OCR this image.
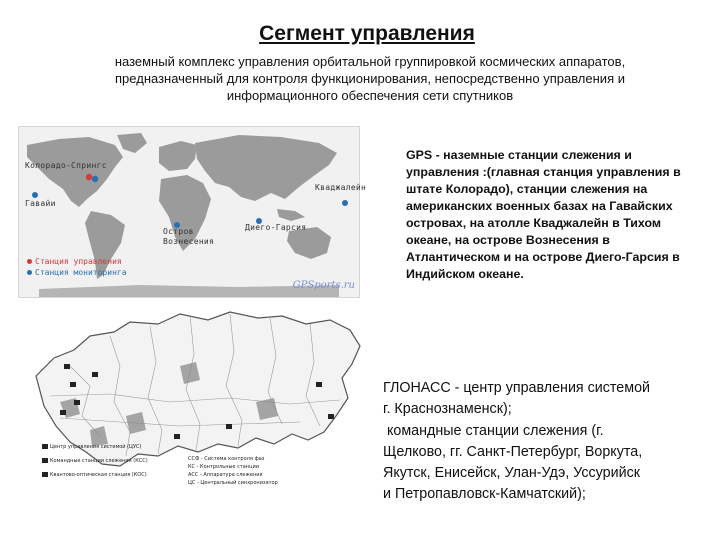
Сегмент управления

наземный комплекс управления орбитальной группировкой космических аппаратов, предназначенный для контроля функционирования, непосредственно управления и информационного обеспечения сети спутников

Колорадо-Спрингс
Гавайи
Кваджалейн
Остров Вознесения
Диего-Гарсия
Станция управления
Станция мониторинга
GPSports.ru

GPS - наземные станции слежения и управления :(главная станция управления в штате Колорадо), станции слежения на американских военных базах на Гавайских островах, на атолле Кваджалейн в Тихом океане, на острове Вознесения в Атлантическом и на острове Диего-Гарсия в Индийском океане.

Центр управления системой (ЦУС)
Командные станции слежения (КСС)
Квантово-оптическая станция (КОС)
ССФ - Система контроля фаз
КС - Контрольные станции
АСС - Аппаратура слежения
ЦС - Центральный синхронизатор

ГЛОНАСС - центр управления системой
г. Краснознаменск);
командные станции слежения (г.
Щелково, гг. Санкт-Петербург, Воркута,
Якутск, Енисейск, Улан-Удэ, Уссурийск
и Петропавловск-Камчатский);
